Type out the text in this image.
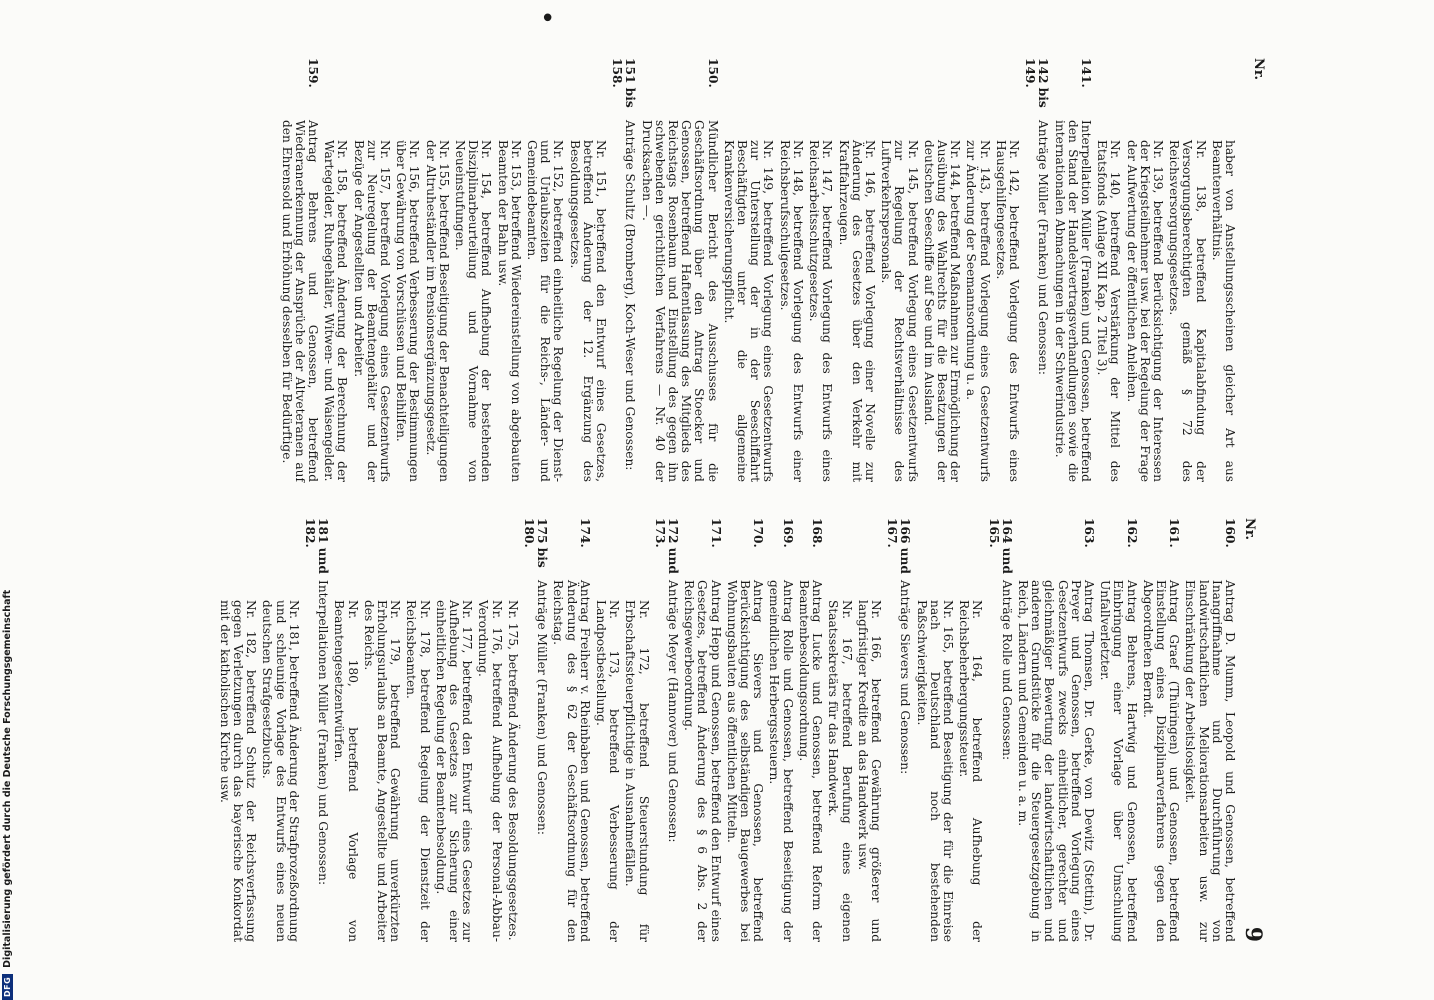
•
Nr.
haber von Anstellungsscheinen gleicher Art aus Beamtenverhältnis.
Nr. 138, betreffend Kapitalabfindung der Versorgungsberechtigten gemäß § 72 des Reichsversorgungsgesetzes.
Nr. 139, betreffend Berücksichtigung der Interessen der Kriegsteilnehmer usw. bei der Regelung der Frage der Aufwertung der öffentlichen Anleihen.
Nr. 140, betreffend Verstärkung der Mittel des Etatsfonds (Anlage XII Kap. 2 Titel 3).
141.
Interpellation Müller (Franken) und Genossen, betreffend den Stand der Handelsvertragsverhandlungen sowie die internationalen Abmachungen in der Schwerindustrie.
142 bis 149.
Anträge Müller (Franken) und Genossen:
Nr. 142, betreffend Vorlegung des Entwurfs eines Hausgehilfengesetzes.
Nr. 143, betreffend Vorlegung eines Gesetzentwurfs zur Änderung der Seemannsordnung u. a.
Nr. 144, betreffend Maßnahmen zur Ermöglichung der Ausübung des Wahlrechts für die Besatzungen der deutschen Seeschiffe auf See und im Ausland.
Nr. 145, betreffend Vorlegung eines Gesetzentwurfs zur Regelung der Rechtsverhältnisse des Luftverkehrspersonals.
Nr. 146, betreffend Vorlegung einer Novelle zur Änderung des Gesetzes über den Verkehr mit Kraftfahrzeugen.
Nr. 147, betreffend Vorlegung des Entwurfs eines Reichsarbeitsschutzgesetzes.
Nr. 148, betreffend Vorlegung des Entwurfs einer Reichsberufsschulgesetzes.
Nr. 149, betreffend Vorlegung eines Gesetzentwurfs zur Unterstellung der in der Seeschiffahrt Beschäftigten unter die allgemeine Krankenversicherungspflicht.
150.
Mündlicher Bericht des Ausschusses für die Geschäftsordnung über den Antrag Stoecker und Genossen, betreffend Haftentlassung des Mitglieds des Reichstags Rosenbaum und Einstellung des gegen ihn schwebenden gerichtlichen Verfahrens — Nr. 40 der Drucksachen —.
151 bis 158.
Anträge Schultz (Bromberg), Koch-Weser und Genossen:
Nr. 151, betreffend den Entwurf eines Gesetzes, betreffend Änderung der 12. Ergänzung des Besoldungsgesetzes.
Nr. 152, betreffend einheitliche Regelung der Dienst- und Urlaubszeiten für die Reichs-, Länder- und Gemeindebeamten.
Nr. 153, betreffend Wiedereinstellung von abgebauten Beamten der Bahn usw.
Nr. 154, betreffend Aufhebung der bestehenden Disziplinarbeurteilung und Vornahme von Neueinstufungen.
Nr. 155, betreffend Beseitigung der Benachteiligungen der Altruheständler im Pensionsergänzungsgesetz.
Nr. 156, betreffend Verbesserung der Bestimmungen über Gewährung von Vorschüssen und Beihilfen.
Nr. 157, betreffend Vorlegung eines Gesetzentwurfs zur Neuregelung der Beamtengehälter und der Bezüge der Angestellten und Arbeiter.
Nr. 158, betreffend Änderung der Berechnung der Wartegelder, Ruhegehälter, Witwen- und Waisengelder.
159.
Antrag Behrens und Genossen, betreffend Wiederanerkennung der Ansprüche der Altveteranen auf den Ehrensold und Erhöhung desselben für Bedürftige.
Nr.
9
160.
Antrag D. Mumm, Leopold und Genossen, betreffend Inangriffnahme und Durchführung von landwirtschaftlichen Meliorationsarbeiten usw. zur Einschränkung der Arbeitslosigkeit.
161.
Antrag Graef (Thüringen) und Genossen, betreffend Einstellung eines Disziplinarverfahrens gegen den Abgeordneten Berndt.
162.
Antrag Behrens, Hartwig und Genossen, betreffend Einbringung einer Vorlage über Umschulung Unfallverletzter.
163.
Antrag Thomsen, Dr. Gerke, von Dewitz (Stettin), Dr. Preyer und Genossen, betreffend Vorlegung eines Gesetzentwurfs zwecks einheitlicher, gerechter und gleichmäßiger Bewertung der landwirtschaftlichen und anderen Grundstücke für die Steuergesetzgebung in Reich, Ländern und Gemeinden u. a. m.
164 und 165.
Anträge Rolle und Genossen:
Nr. 164, betreffend Aufhebung der Reichsbeherbergungssteuer.
Nr. 165, betreffend Beseitigung der für die Einreise nach Deutschland noch bestehenden Paßschwierigkeiten.
166 und 167.
Anträge Sievers und Genossen:
Nr. 166, betreffend Gewährung größerer und langfristiger Kredite an das Handwerk usw.
Nr. 167, betreffend Berufung eines eigenen Staatssekretärs für das Handwerk.
168.
Antrag Lucke und Genossen, betreffend Reform der Beamtenbesoldungsordnung.
169.
Antrag Rolle und Genossen, betreffend Beseitigung der gemeindlichen Herbergssteuern.
170.
Antrag Sievers und Genossen, betreffend Berücksichtigung des selbständigen Baugewerbes bei Wohnungsbauten aus öffentlichen Mitteln.
171.
Antrag Hepp und Genossen, betreffend den Entwurf eines Gesetzes, betreffend Änderung des § 6 Abs. 2 der Reichsgewerbeordnung.
172 und 173.
Anträge Meyer (Hannover) und Genossen:
Nr. 172, betreffend Steuerstundung für Erbschaftssteuerpflichtige in Ausnahmefällen.
Nr. 173, betreffend Verbesserung der Landpostbestellung.
174.
Antrag Freiherr v. Rheinbaben und Genossen, betreffend Änderung des § 62 der Geschäftsordnung für den Reichstag.
175 bis 180.
Anträge Müller (Franken) und Genossen:
Nr. 175, betreffend Änderung des Besoldungsgesetzes.
Nr. 176, betreffend Aufhebung der Personal-Abbau-Verordnung.
Nr. 177, betreffend den Entwurf eines Gesetzes zur Aufhebung des Gesetzes zur Sicherung einer einheitlichen Regelung der Beamtenbesoldung.
Nr. 178, betreffend Regelung der Dienstzeit der Reichsbeamten.
Nr. 179, betreffend Gewährung unverkürzten Erholungsurlaubs an Beamte, Angestellte und Arbeiter des Reichs.
Nr. 180, betreffend Vorlage von Beamtengesetzentwürfen.
181 und 182.
Interpellationen Müller (Franken) und Genossen:
Nr. 181, betreffend Änderung der Strafprozeßordnung und schleunige Vorlage des Entwurfs eines neuen deutschen Strafgesetzbuchs.
Nr. 182, betreffend Schutz der Reichsverfassung gegen Verletzungen durch das bayerische Konkordat mit der katholischen Kirche usw.
DFG
Digitalisierung gefördert durch die Deutsche Forschungsgemeinschaft
